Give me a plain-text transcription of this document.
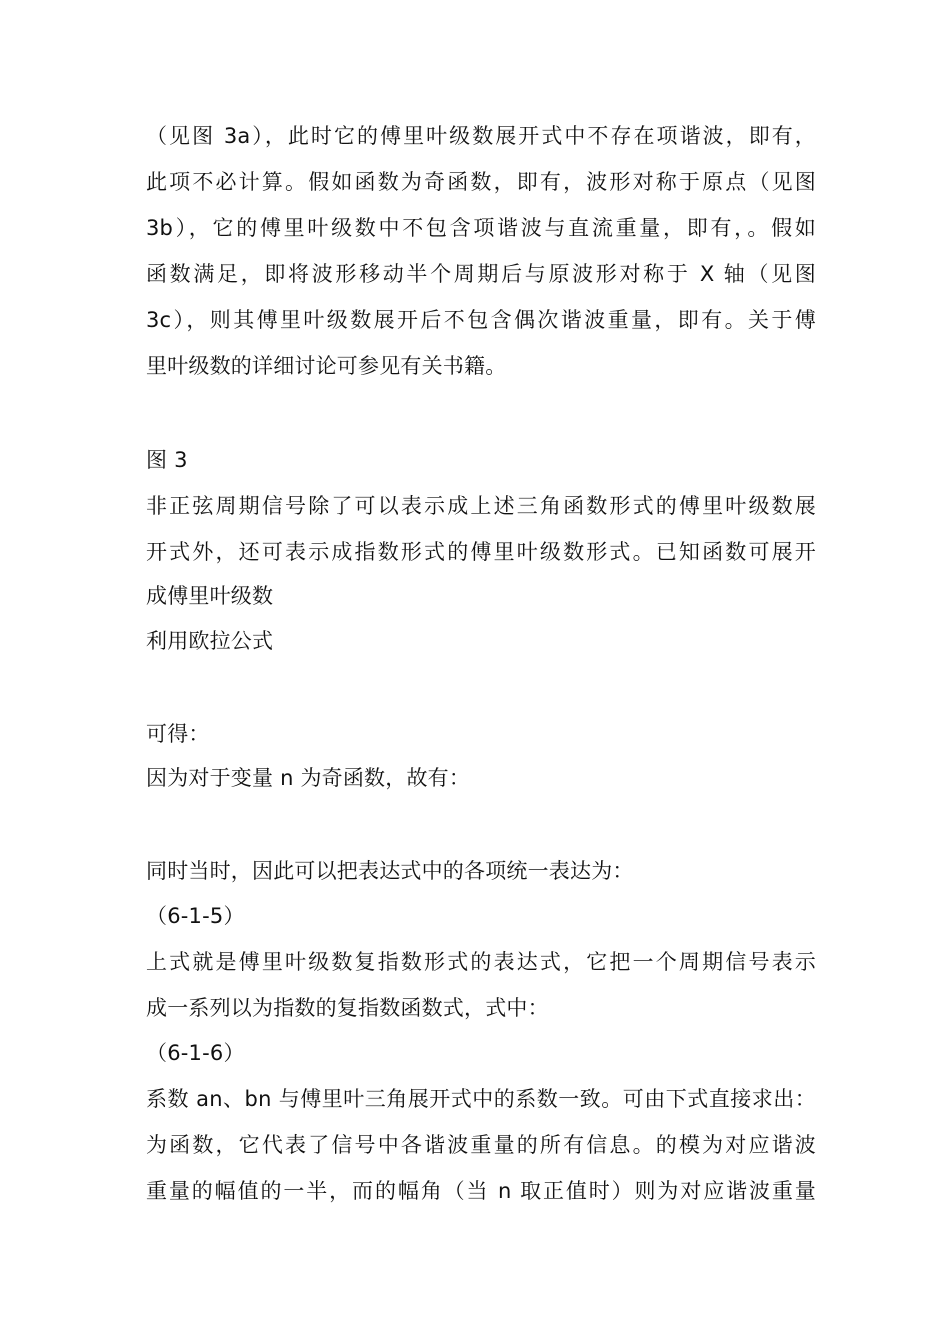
（见图 3a），此时它的傅里叶级数展开式中不存在项谐波，即有，
此项不必计算。假如函数为奇函数，即有，波形对称于原点（见图
3b），它的傅里叶级数中不包含项谐波与直流重量，即有，。假如
函数满足，即将波形移动半个周期后与原波形对称于 X 轴（见图
3c），则其傅里叶级数展开后不包含偶次谐波重量，即有。关于傅
里叶级数的详细讨论可参见有关书籍。
图 3
非正弦周期信号除了可以表示成上述三角函数形式的傅里叶级数展
开式外，还可表示成指数形式的傅里叶级数形式。已知函数可展开
成傅里叶级数
利用欧拉公式
可得：
因为对于变量 n 为奇函数，故有：
同时当时，因此可以把表达式中的各项统一表达为：
（6-1-5）
上式就是傅里叶级数复指数形式的表达式，它把一个周期信号表示
成一系列以为指数的复指数函数式，式中：
（6-1-6）
系数 an、bn 与傅里叶三角展开式中的系数一致。可由下式直接求出：
为函数，它代表了信号中各谐波重量的所有信息。的模为对应谐波
重量的幅值的一半，而的幅角（当 n 取正值时）则为对应谐波重量
